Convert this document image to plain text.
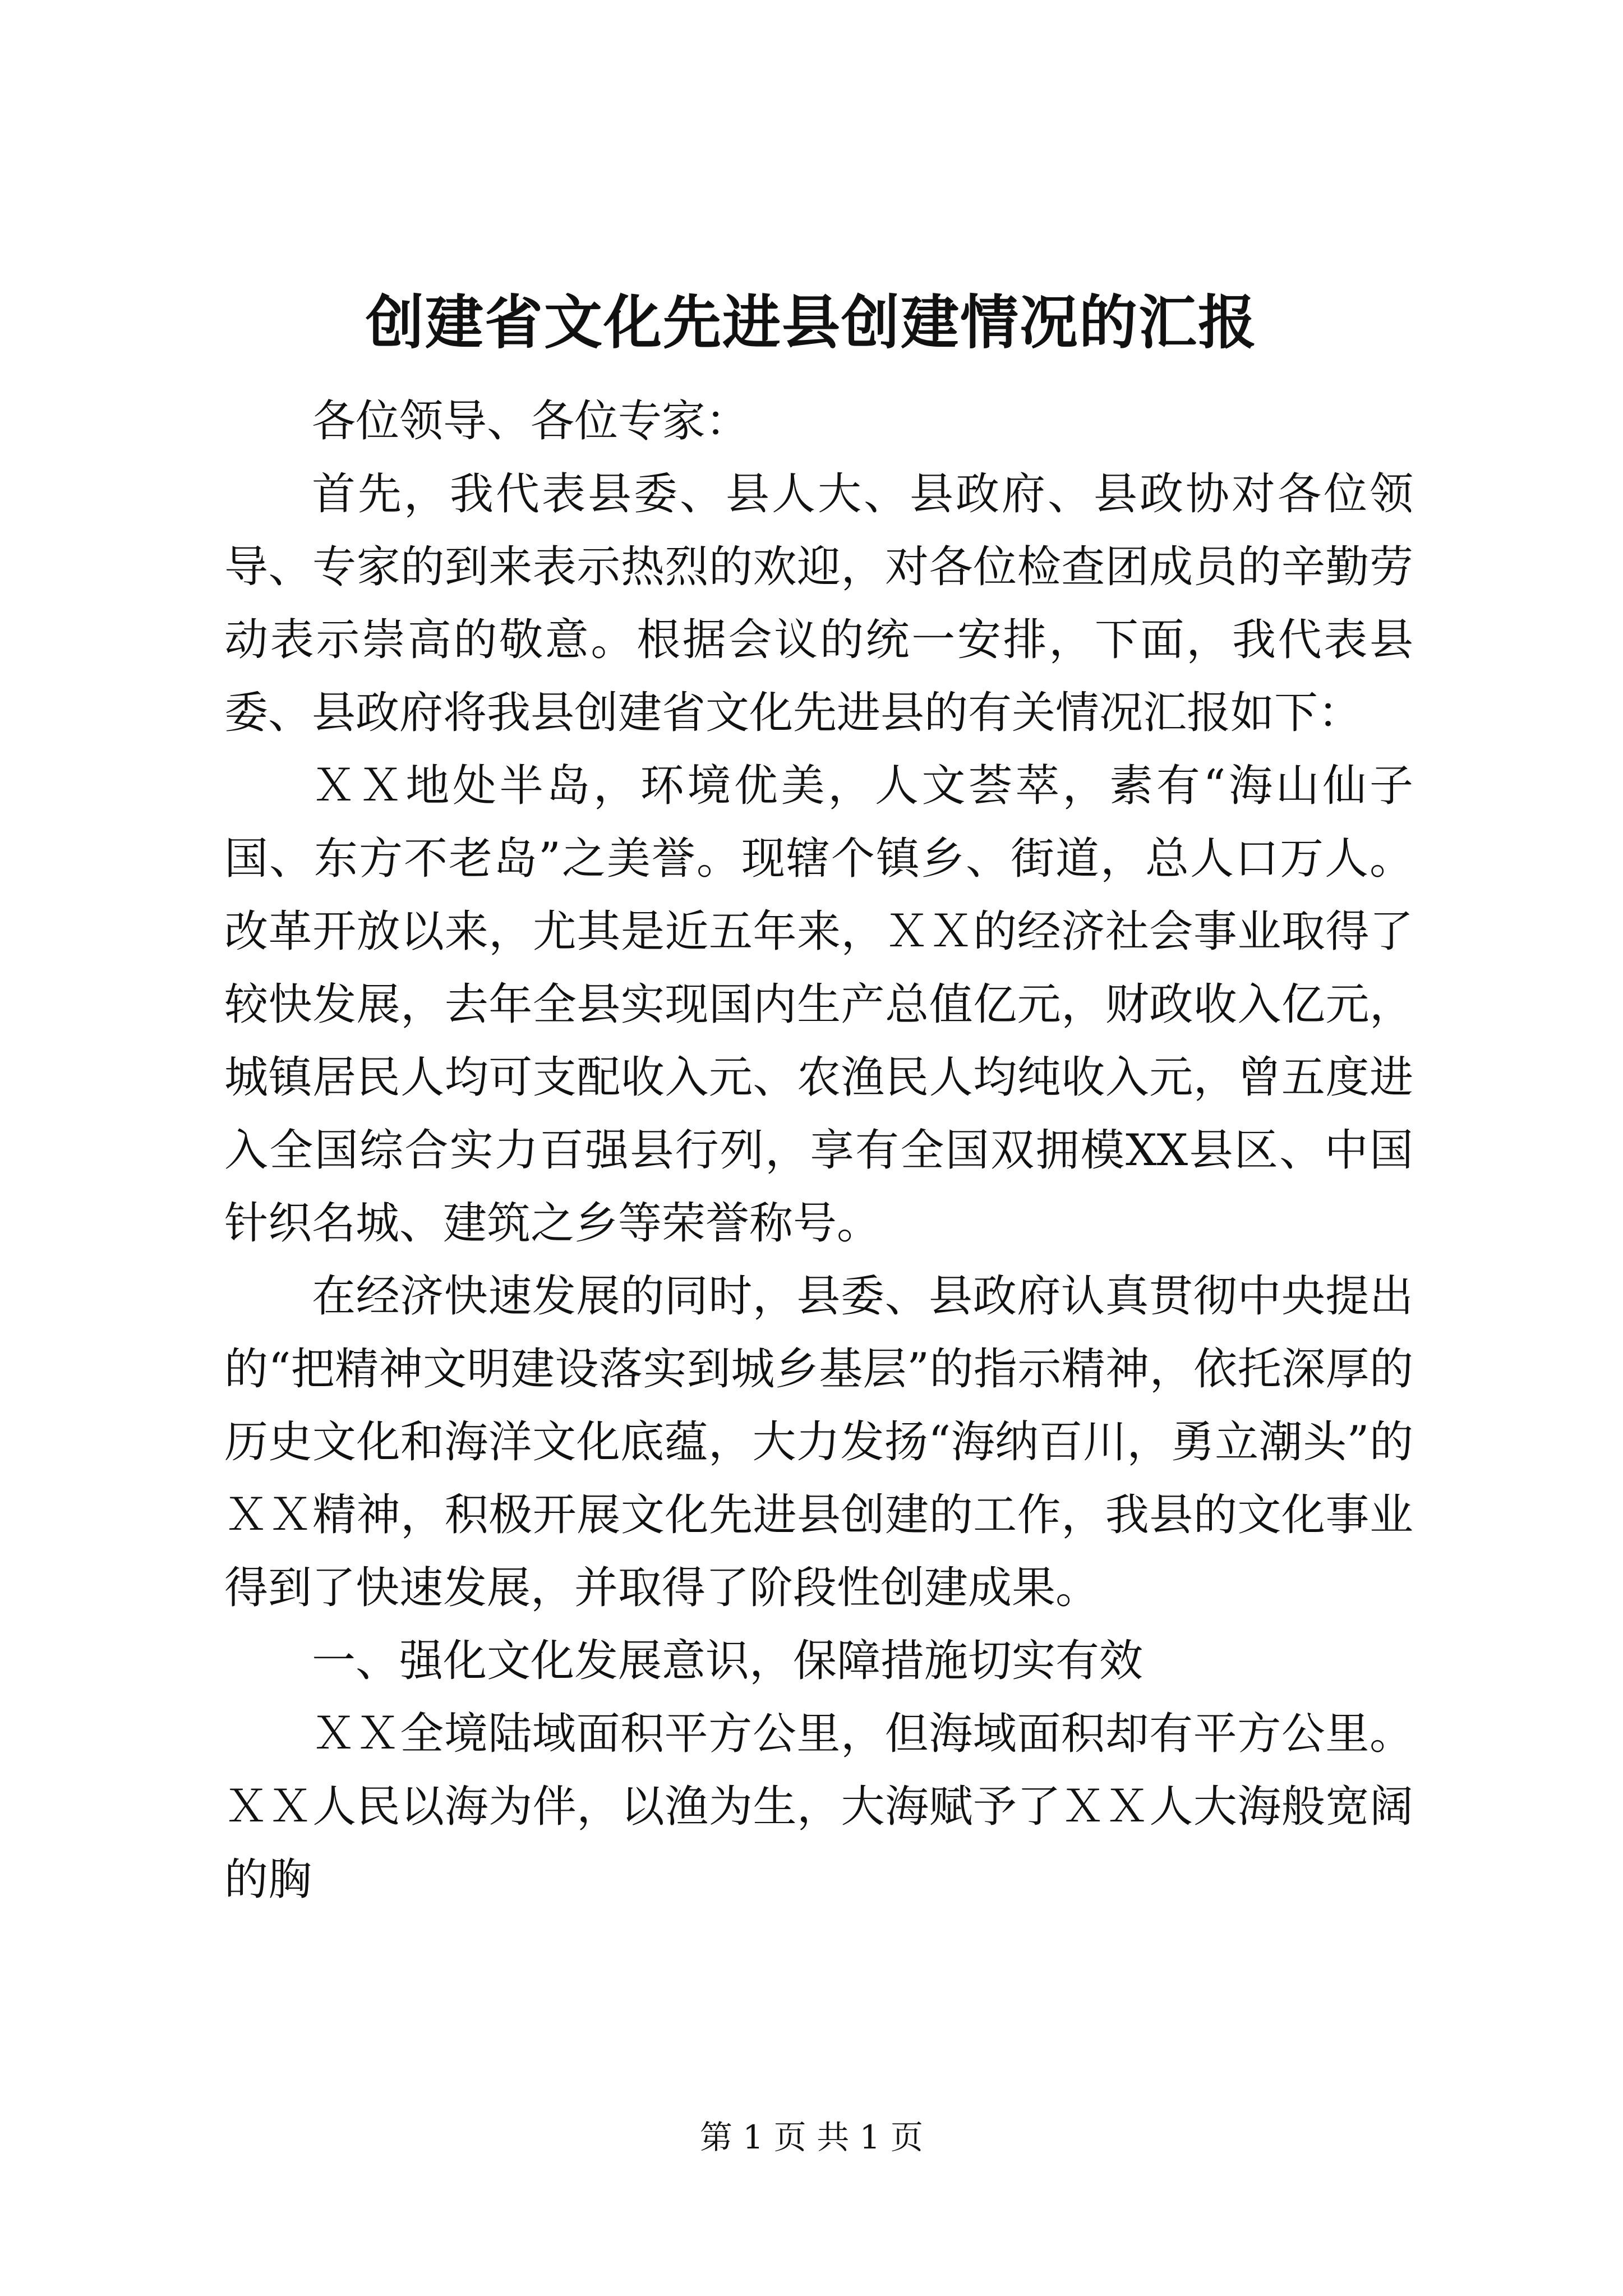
创建省文化先进县创建情况的汇报

各位领导、各位专家：

首先，我代表县委、县人大、县政府、县政协对各位领导、专家的到来表示热烈的欢迎，对各位检查团成员的辛勤劳动表示崇高的敬意。根据会议的统一安排，下面，我代表县委、县政府将我县创建省文化先进县的有关情况汇报如下：

ＸＸ地处半岛，环境优美，人文荟萃，素有“海山仙子国、东方不老岛”之美誉。现辖个镇乡、街道，总人口万人。改革开放以来，尤其是近五年来，ＸＸ的经济社会事业取得了较快发展，去年全县实现国内生产总值亿元，财政收入亿元，城镇居民人均可支配收入元、农渔民人均纯收入元，曾五度进入全国综合实力百强县行列，享有全国双拥模XX县区、中国针织名城、建筑之乡等荣誉称号。

在经济快速发展的同时，县委、县政府认真贯彻中央提出的“把精神文明建设落实到城乡基层”的指示精神，依托深厚的历史文化和海洋文化底蕴，大力发扬“海纳百川，勇立潮头”的ＸＸ精神，积极开展文化先进县创建的工作，我县的文化事业得到了快速发展，并取得了阶段性创建成果。

一、强化文化发展意识，保障措施切实有效

ＸＸ全境陆域面积平方公里，但海域面积却有平方公里。ＸＸ人民以海为伴，以渔为生，大海赋予了ＸＸ人大海般宽阔的胸

第 1 页 共 1 页
